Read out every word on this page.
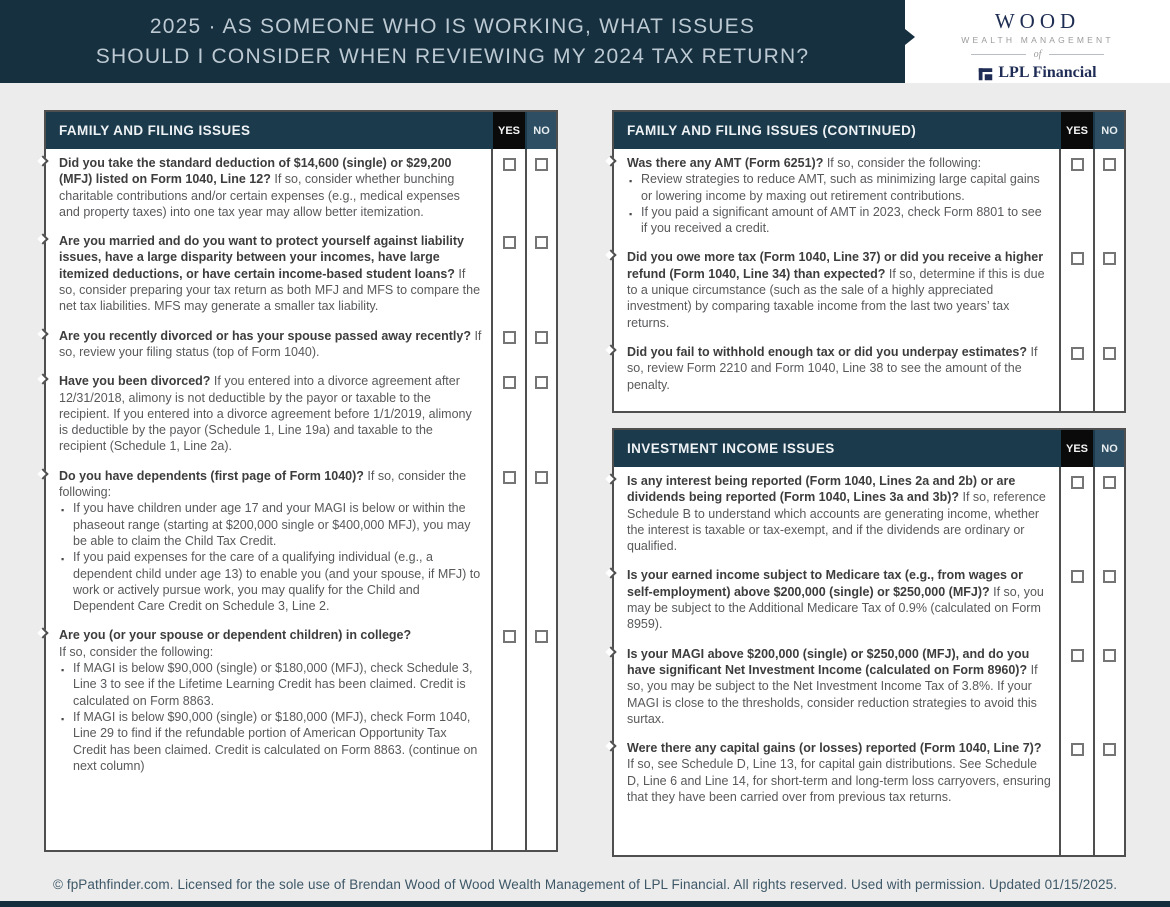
2025 · AS SOMEONE WHO IS WORKING, WHAT ISSUES
SHOULD I CONSIDER WHEN REVIEWING MY 2024 TAX RETURN?
wood
WEALTH MANAGEMENT
of
LPL Financial
FAMILY AND FILING ISSUES	YES	NO

Did you take the standard deduction of $14,600 (single) or $29,200 (MFJ) listed on Form 1040, Line 12? If so, consider whether bunching charitable contributions and/or certain expenses (e.g., medical expenses and property taxes) into one tax year may allow better itemization.

Are you married and do you want to protect yourself against liability issues, have a large disparity between your incomes, have large itemized deductions, or have certain income-based student loans? If so, consider preparing your tax return as both MFJ and MFS to compare the net tax liabilities. MFS may generate a smaller tax liability.

Are you recently divorced or has your spouse passed away recently? If so, review your filing status (top of Form 1040).

Have you been divorced? If you entered into a divorce agreement after 12/31/2018, alimony is not deductible by the payor or taxable to the recipient. If you entered into a divorce agreement before 1/1/2019, alimony is deductible by the payor (Schedule 1, Line 19a) and taxable to the recipient (Schedule 1, Line 2a).

Do you have dependents (first page of Form 1040)? If so, consider the following:

▪
If you have children under age 17 and your MAGI is below or within the phaseout range (starting at $200,000 single or $400,000 MFJ), you may be able to claim the Child Tax Credit.
▪
If you paid expenses for the care of a qualifying individual (e.g., a dependent child under age 13) to enable you (and your spouse, if MFJ) to work or actively pursue work, you may qualify for the Child and Dependent Care Credit on Schedule 3, Line 2.

Are you (or your spouse or dependent children) in college?
If so, consider the following:

▪
If MAGI is below $90,000 (single) or $180,000 (MFJ), check Schedule 3, Line 3 to see if the Lifetime Learning Credit has been claimed. Credit is calculated on Form 8863.
▪
If MAGI is below $90,000 (single) or $180,000 (MFJ), check Form 1040, Line 29 to find if the refundable portion of American Opportunity Tax Credit has been claimed. Credit is calculated on Form 8863. (continue on next column)
FAMILY AND FILING ISSUES (CONTINUED)	YES	NO

Was there any AMT (Form 6251)? If so, consider the following:

▪
Review strategies to reduce AMT, such as minimizing large capital gains or lowering income by maxing out retirement contributions.
▪
If you paid a significant amount of AMT in 2023, check Form 8801 to see if you received a credit.

Did you owe more tax (Form 1040, Line 37) or did you receive a higher refund (Form 1040, Line 34) than expected? If so, determine if this is due to a unique circumstance (such as the sale of a highly appreciated investment) by comparing taxable income from the last two years’ tax returns.

Did you fail to withhold enough tax or did you underpay estimates? If so, review Form 2210 and Form 1040, Line 38 to see the amount of the penalty.

INVESTMENT INCOME ISSUES	YES	NO

Is any interest being reported (Form 1040, Lines 2a and 2b) or are dividends being reported (Form 1040, Lines 3a and 3b)? If so, reference Schedule B to understand which accounts are generating income, whether the interest is taxable or tax-exempt, and if the dividends are ordinary or qualified.

Is your earned income subject to Medicare tax (e.g., from wages or self-employment) above $200,000 (single) or $250,000 (MFJ)? If so, you may be subject to the Additional Medicare Tax of 0.9% (calculated on Form 8959).

Is your MAGI above $200,000 (single) or $250,000 (MFJ), and do you have significant Net Investment Income (calculated on Form 8960)? If so, you may be subject to the Net Investment Income Tax of 3.8%. If your MAGI is close to the thresholds, consider reduction strategies to avoid this surtax.

Were there any capital gains (or losses) reported (Form 1040, Line 7)? If so, see Schedule D, Line 13, for capital gain distributions. See Schedule D, Line 6 and Line 14, for short-term and long-term loss carryovers, ensuring that they have been carried over from previous tax returns.

© fpPathfinder.com. Licensed for the sole use of Brendan Wood of Wood Wealth Management of LPL Financial. All rights reserved. Used with permission. Updated 01/15/2025.
